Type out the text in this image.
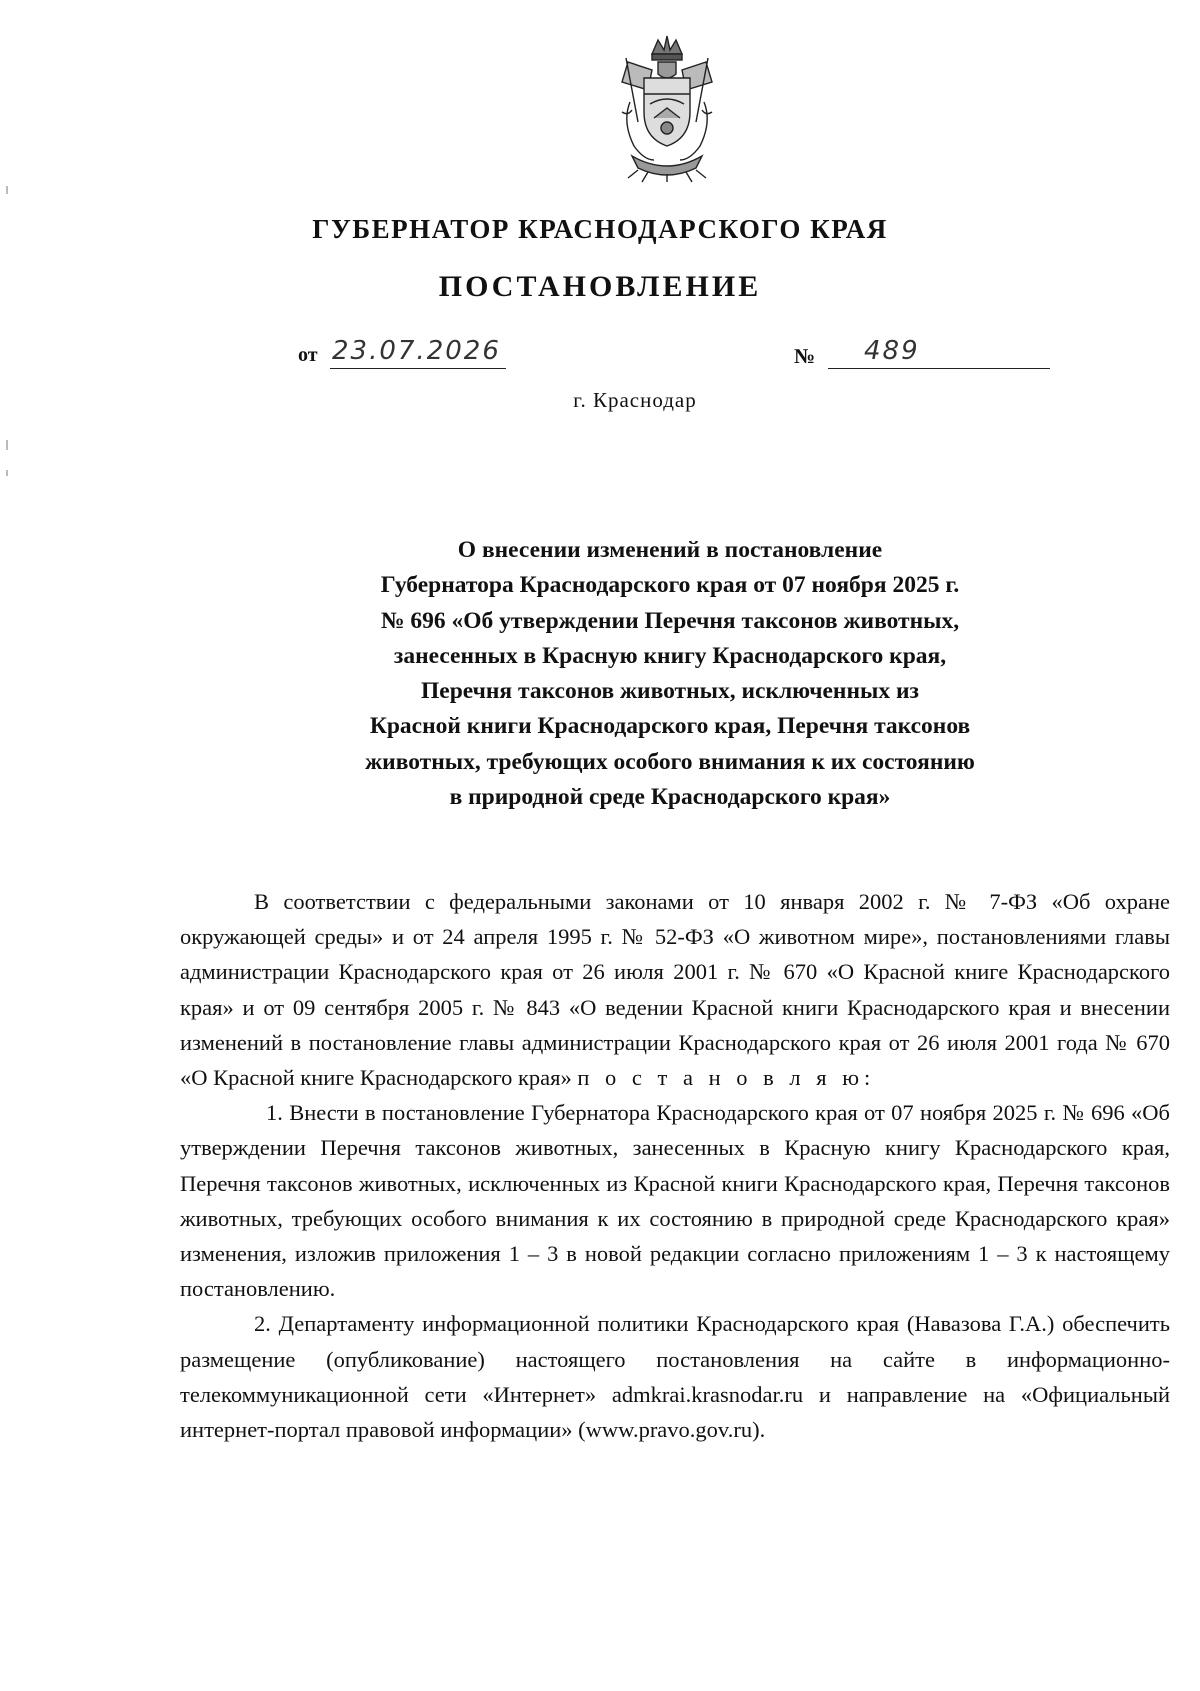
ГУБЕРНАТОР КРАСНОДАРСКОГО КРАЯ
ПОСТАНОВЛЕНИЕ
от 23.07.2026	№ 489
г. Краснодар
О внесении изменений в постановление
Губернатора Краснодарского края от 07 ноября 2025 г.
№ 696 «Об утверждении Перечня таксонов животных,
занесенных в Красную книгу Краснодарского края,
Перечня таксонов животных, исключенных из
Красной книги Краснодарского края, Перечня таксонов
животных, требующих особого внимания к их состоянию
в природной среде Краснодарского края»

В соответствии с федеральными законами от 10 января 2002 г. № 7-ФЗ «Об охране окружающей среды» и от 24 апреля 1995 г. № 52-ФЗ «О животном мире», постановлениями главы администрации Краснодарского края от 26 июля 2001 г. № 670 «О Красной книге Краснодарского края» и от 09 сентября 2005 г. № 843 «О ведении Красной книги Краснодарского края и внесении изменений в постановление главы администрации Краснодарского края от 26 июля 2001 года № 670 «О Красной книге Краснодарского края» п о с т а н о в л я ю:

1. Внести в постановление Губернатора Краснодарского края от 07 ноября 2025 г. № 696 «Об утверждении Перечня таксонов животных, занесенных в Красную книгу Краснодарского края, Перечня таксонов животных, исключенных из Красной книги Краснодарского края, Перечня таксонов животных, требующих особого внимания к их состоянию в природной среде Краснодарского края» изменения, изложив приложения 1 – 3 в новой редакции согласно приложениям 1 – 3 к настоящему постановлению.

2. Департаменту информационной политики Краснодарского края (Навазова Г.А.) обеспечить размещение (опубликование) настоящего постановления на сайте в информационно-телекоммуникационной сети «Интернет» admkrai.krasnodar.ru и направление на «Официальный интернет-портал правовой информации» (www.pravo.gov.ru).
